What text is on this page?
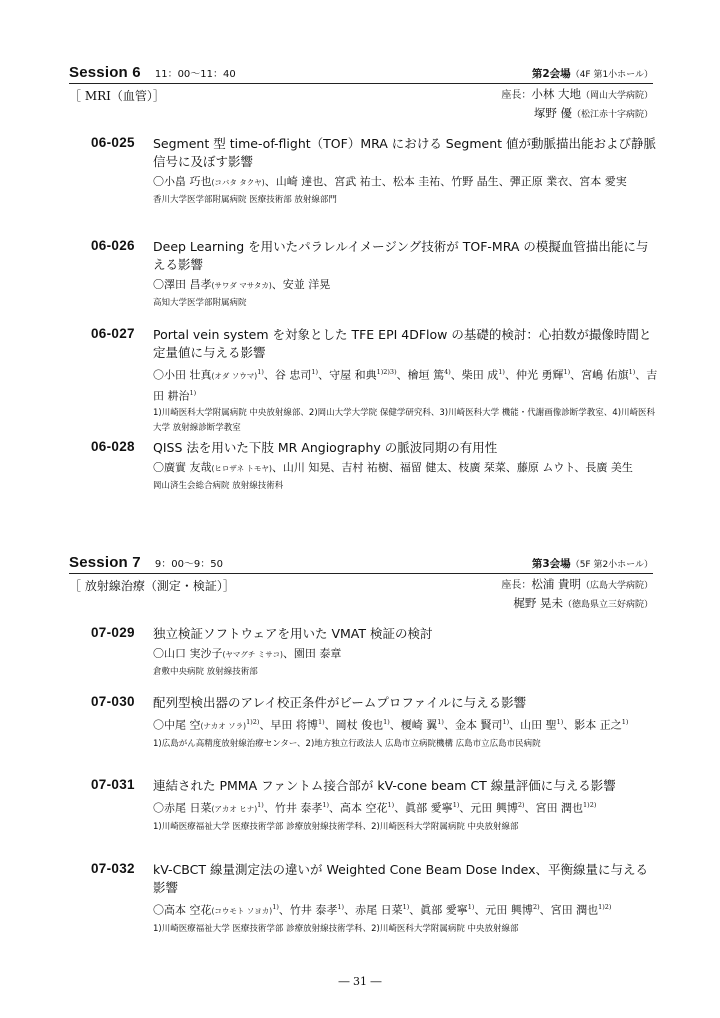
Session 6 11：00～11：40	第2会場（4F 第1小ホール）
［ MRI（血管）］	座長：小林 大地（岡山大学病院）
塚野 優（松江赤十字病院）
06-025 Segment 型 time-of-flight（TOF）MRA における Segment 値が動脈描出能および静脈信号に及ぼす影響
〇小畠 巧也(コバタ タクヤ)、山崎 達也、宮武 祐士、松本 圭祐、竹野 晶生、彈正原 業衣、宮本 愛実
香川大学医学部附属病院 医療技術部 放射線部門
06-026 Deep Learning を用いたパラレルイメージング技術が TOF-MRA の模擬血管描出能に与える影響
〇澤田 昌孝(サワダ マサタカ)、安並 洋晃
高知大学医学部附属病院
06-027 Portal vein system を対象とした TFE EPI 4DFlow の基礎的検討：心拍数が撮像時間と定量値に与える影響
〇小田 壮真(オダ ソウマ)$^{1)}$、谷 忠司$^{1)}$、守屋 和典$^{1)2)3)}$、檜垣 篤$^{4)}$、柴田 成$^{1)}$、仲光 勇輝$^{1)}$、宮嶋 佑旗$^{1)}$、吉田 耕治$^{1)}$
1)川崎医科大学附属病院 中央放射線部、2)岡山大学大学院 保健学研究科、3)川崎医科大学 機能・代謝画像診断学教室、4)川崎医科大学 放射線診断学教室
06-028 QISS 法を用いた下肢 MR Angiography の脈波同期の有用性
〇廣實 友哉(ヒロザネ トモヤ)、山川 知晃、吉村 祐樹、福留 健太、枝廣 栞菜、藤原 ムウト、長廣 美生
岡山済生会総合病院 放射線技術科
Session 7 9：00～9：50	第3会場（5F 第2小ホール）
［ 放射線治療（測定・検証）］	座長：松浦 貴明（広島大学病院）
梶野 晃未（徳島県立三好病院）
07-029 独立検証ソフトウェアを用いた VMAT 検証の検討
〇山口 実沙子(ヤマグチ ミサコ)、園田 泰章
倉敷中央病院 放射線技術部
07-030 配列型検出器のアレイ校正条件がビームプロファイルに与える影響
〇中尾 空(ナカオ ソラ)$^{1)2)}$、早田 将博$^{1)}$、岡杖 俊也$^{1)}$、榎崎 翼$^{1)}$、金本 賢司$^{1)}$、山田 聖$^{1)}$、影本 正之$^{1)}$
1)広島がん高精度放射線治療センター、2)地方独立行政法人 広島市立病院機構 広島市立広島市民病院
07-031 連結された PMMA ファントム接合部が kV-cone beam CT 線量評価に与える影響
〇赤尾 日菜(アカオ ヒナ)$^{1)}$、竹井 泰孝$^{1)}$、高本 空花$^{1)}$、眞部 愛寧$^{1)}$、元田 興博$^{2)}$、宮田 潤也$^{1)2)}$
1)川崎医療福祉大学 医療技術学部 診療放射線技術学科、2)川崎医科大学附属病院 中央放射線部
07-032 kV-CBCT 線量測定法の違いが Weighted Cone Beam Dose Index、平衡線量に与える影響
〇高本 空花(コウモト ソヨカ)$^{1)}$、竹井 泰孝$^{1)}$、赤尾 日菜$^{1)}$、眞部 愛寧$^{1)}$、元田 興博$^{2)}$、宮田 潤也$^{1)2)}$
1)川崎医療福祉大学 医療技術学部 診療放射線技術学科、2)川崎医科大学附属病院 中央放射線部
― 31 ―
